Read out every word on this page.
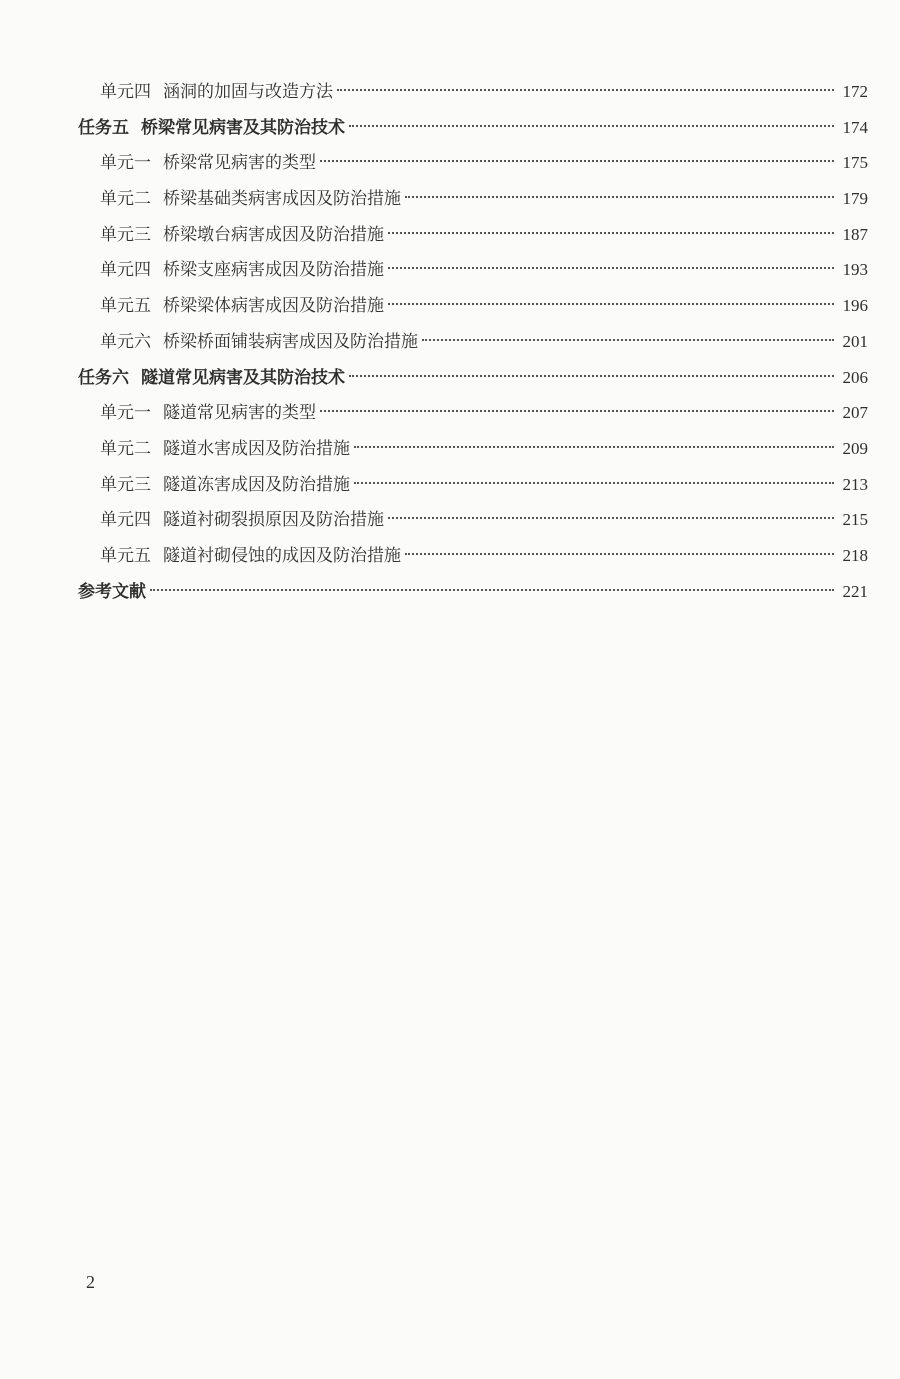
单元四 涵洞的加固与改造方法	172
任务五 桥梁常见病害及其防治技术	174
单元一 桥梁常见病害的类型	175
单元二 桥梁基础类病害成因及防治措施	179
单元三 桥梁墩台病害成因及防治措施	187
单元四 桥梁支座病害成因及防治措施	193
单元五 桥梁梁体病害成因及防治措施	196
单元六 桥梁桥面铺装病害成因及防治措施	201
任务六 隧道常见病害及其防治技术	206
单元一 隧道常见病害的类型	207
单元二 隧道水害成因及防治措施	209
单元三 隧道冻害成因及防治措施	213
单元四 隧道衬砌裂损原因及防治措施	215
单元五 隧道衬砌侵蚀的成因及防治措施	218
参考文献	221
2
